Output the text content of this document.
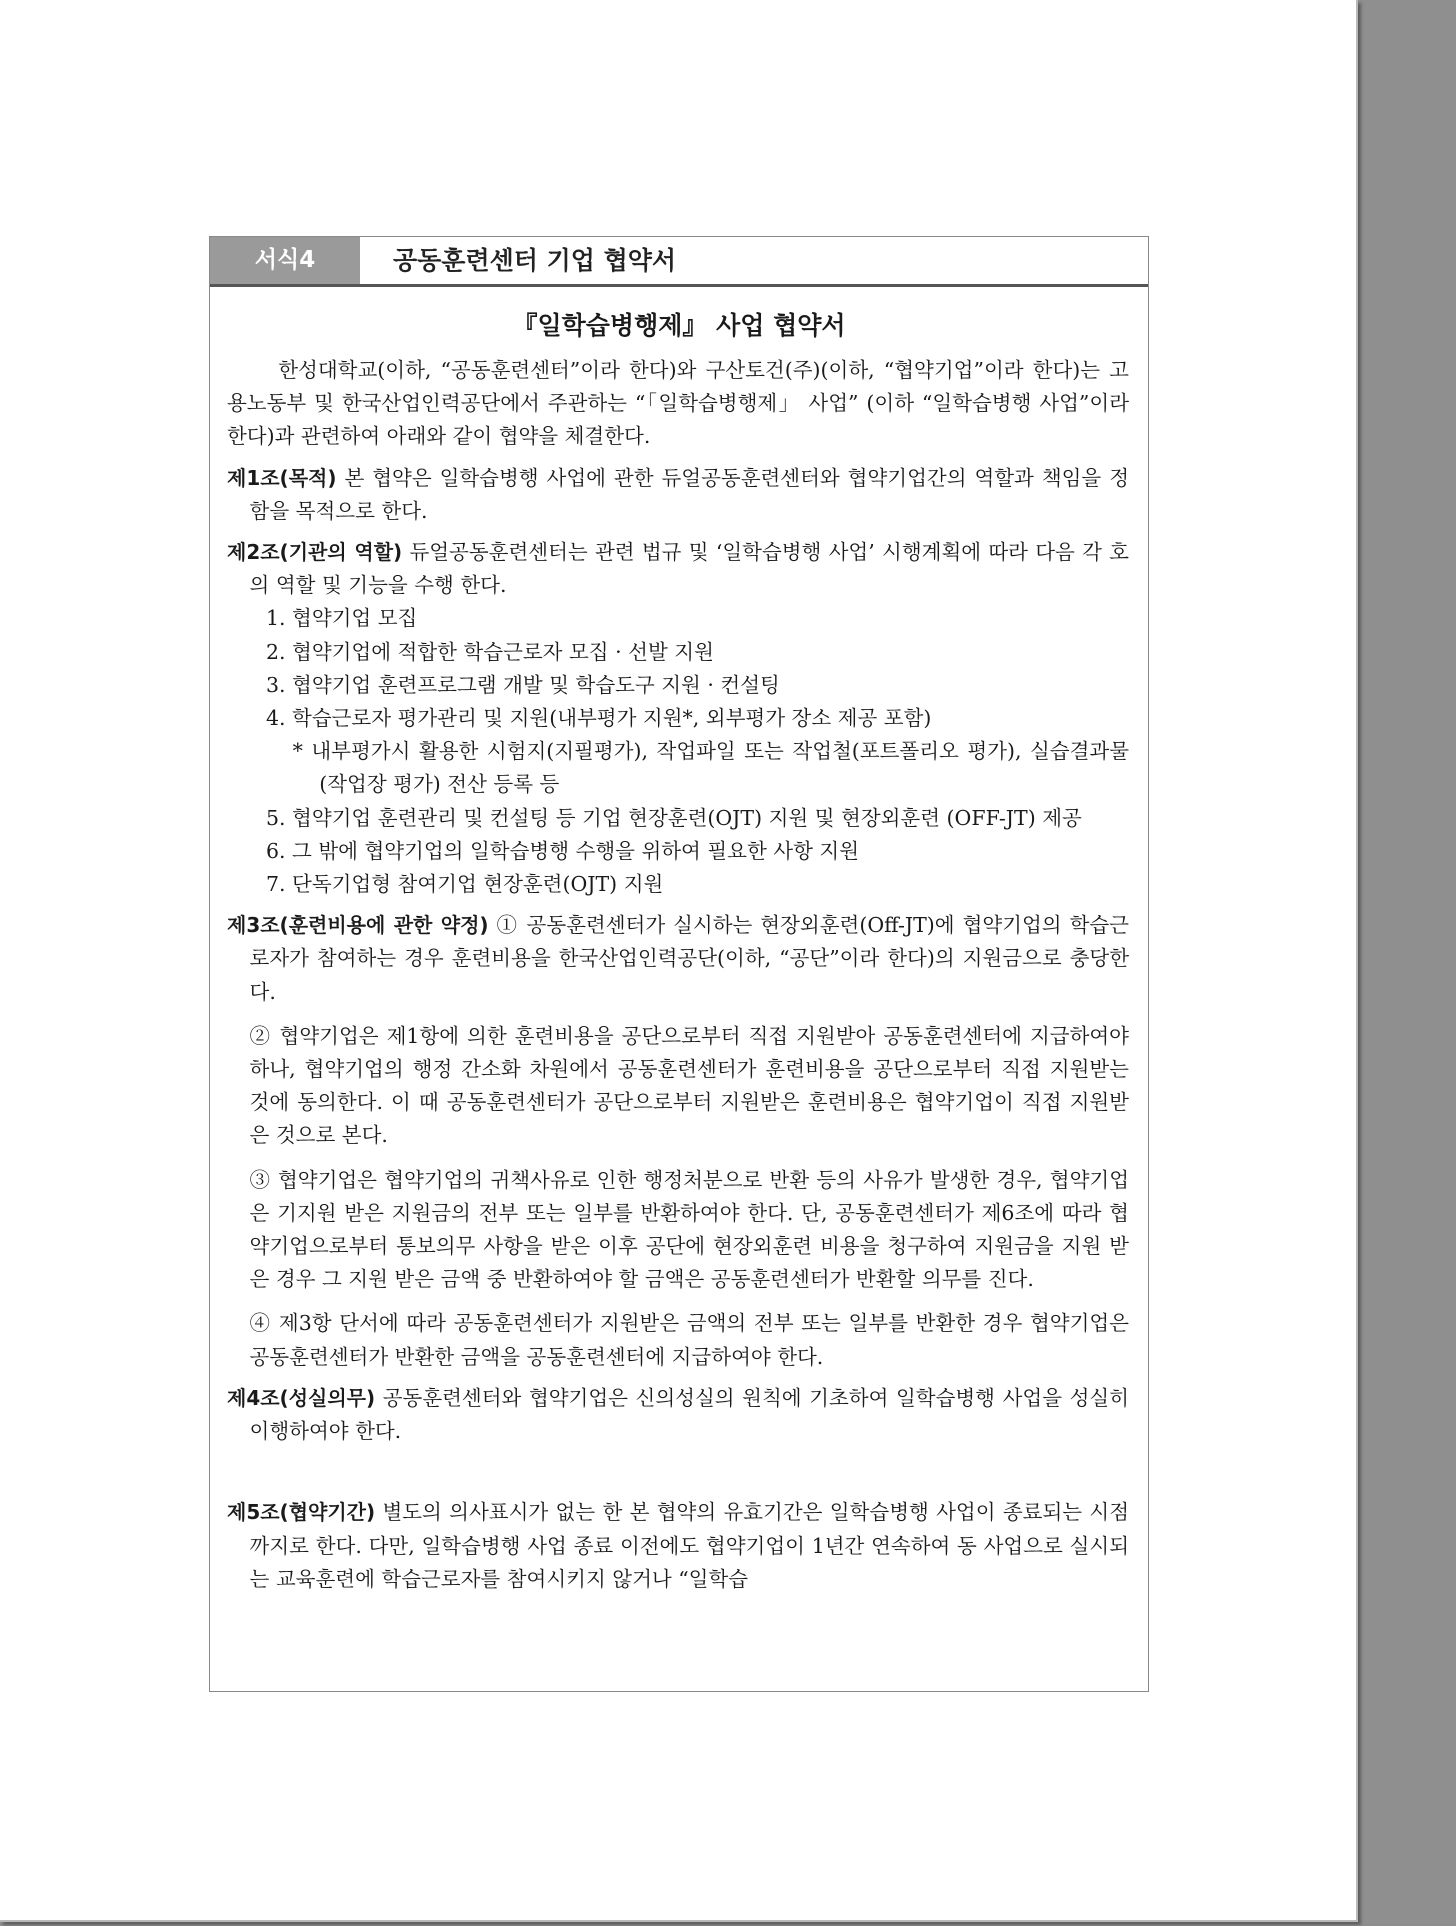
서식4	공동훈련센터 기업 협약서
『일학습병행제』 사업 협약서

한성대학교(이하, “공동훈련센터”이라 한다)와 구산토건(주)(이하, “협약기업”이라 한다)는 고용노동부 및 한국산업인력공단에서 주관하는 “「일학습병행제」 사업” (이하 “일학습병행 사업”이라 한다)과 관련하여 아래와 같이 협약을 체결한다.

제1조(목적) 본 협약은 일학습병행 사업에 관한 듀얼공동훈련센터와 협약기업간의 역할과 책임을 정함을 목적으로 한다.

제2조(기관의 역할) 듀얼공동훈련센터는 관련 법규 및 ‘일학습병행 사업’ 시행계획에 따라 다음 각 호의 역할 및 기능을 수행 한다.

1. 협약기업 모집
2. 협약기업에 적합한 학습근로자 모집 · 선발 지원
3. 협약기업 훈련프로그램 개발 및 학습도구 지원 · 컨설팅
4. 학습근로자 평가관리 및 지원(내부평가 지원*, 외부평가 장소 제공 포함)
* 내부평가시 활용한 시험지(지필평가), 작업파일 또는 작업철(포트폴리오 평가), 실습결과물(작업장 평가) 전산 등록 등
5. 협약기업 훈련관리 및 컨설팅 등 기업 현장훈련(OJT) 지원 및 현장외훈련 (OFF-JT) 제공
6. 그 밖에 협약기업의 일학습병행 수행을 위하여 필요한 사항 지원
7. 단독기업형 참여기업 현장훈련(OJT) 지원

제3조(훈련비용에 관한 약정) ① 공동훈련센터가 실시하는 현장외훈련(Off-JT)에 협약기업의 학습근로자가 참여하는 경우 훈련비용을 한국산업인력공단(이하, “공단”이라 한다)의 지원금으로 충당한다.

② 협약기업은 제1항에 의한 훈련비용을 공단으로부터 직접 지원받아 공동훈련센터에 지급하여야 하나, 협약기업의 행정 간소화 차원에서 공동훈련센터가 훈련비용을 공단으로부터 직접 지원받는 것에 동의한다. 이 때 공동훈련센터가 공단으로부터 지원받은 훈련비용은 협약기업이 직접 지원받은 것으로 본다.

③ 협약기업은 협약기업의 귀책사유로 인한 행정처분으로 반환 등의 사유가 발생한 경우, 협약기업은 기지원 받은 지원금의 전부 또는 일부를 반환하여야 한다. 단, 공동훈련센터가 제6조에 따라 협약기업으로부터 통보의무 사항을 받은 이후 공단에 현장외훈련 비용을 청구하여 지원금을 지원 받은 경우 그 지원 받은 금액 중 반환하여야 할 금액은 공동훈련센터가 반환할 의무를 진다.

④ 제3항 단서에 따라 공동훈련센터가 지원받은 금액의 전부 또는 일부를 반환한 경우 협약기업은 공동훈련센터가 반환한 금액을 공동훈련센터에 지급하여야 한다.

제4조(성실의무) 공동훈련센터와 협약기업은 신의성실의 원칙에 기초하여 일학습병행 사업을 성실히 이행하여야 한다.

제5조(협약기간) 별도의 의사표시가 없는 한 본 협약의 유효기간은 일학습병행 사업이 종료되는 시점까지로 한다. 다만, 일학습병행 사업 종료 이전에도 협약기업이 1년간 연속하여 동 사업으로 실시되는 교육훈련에 학습근로자를 참여시키지 않거나 “일학습
